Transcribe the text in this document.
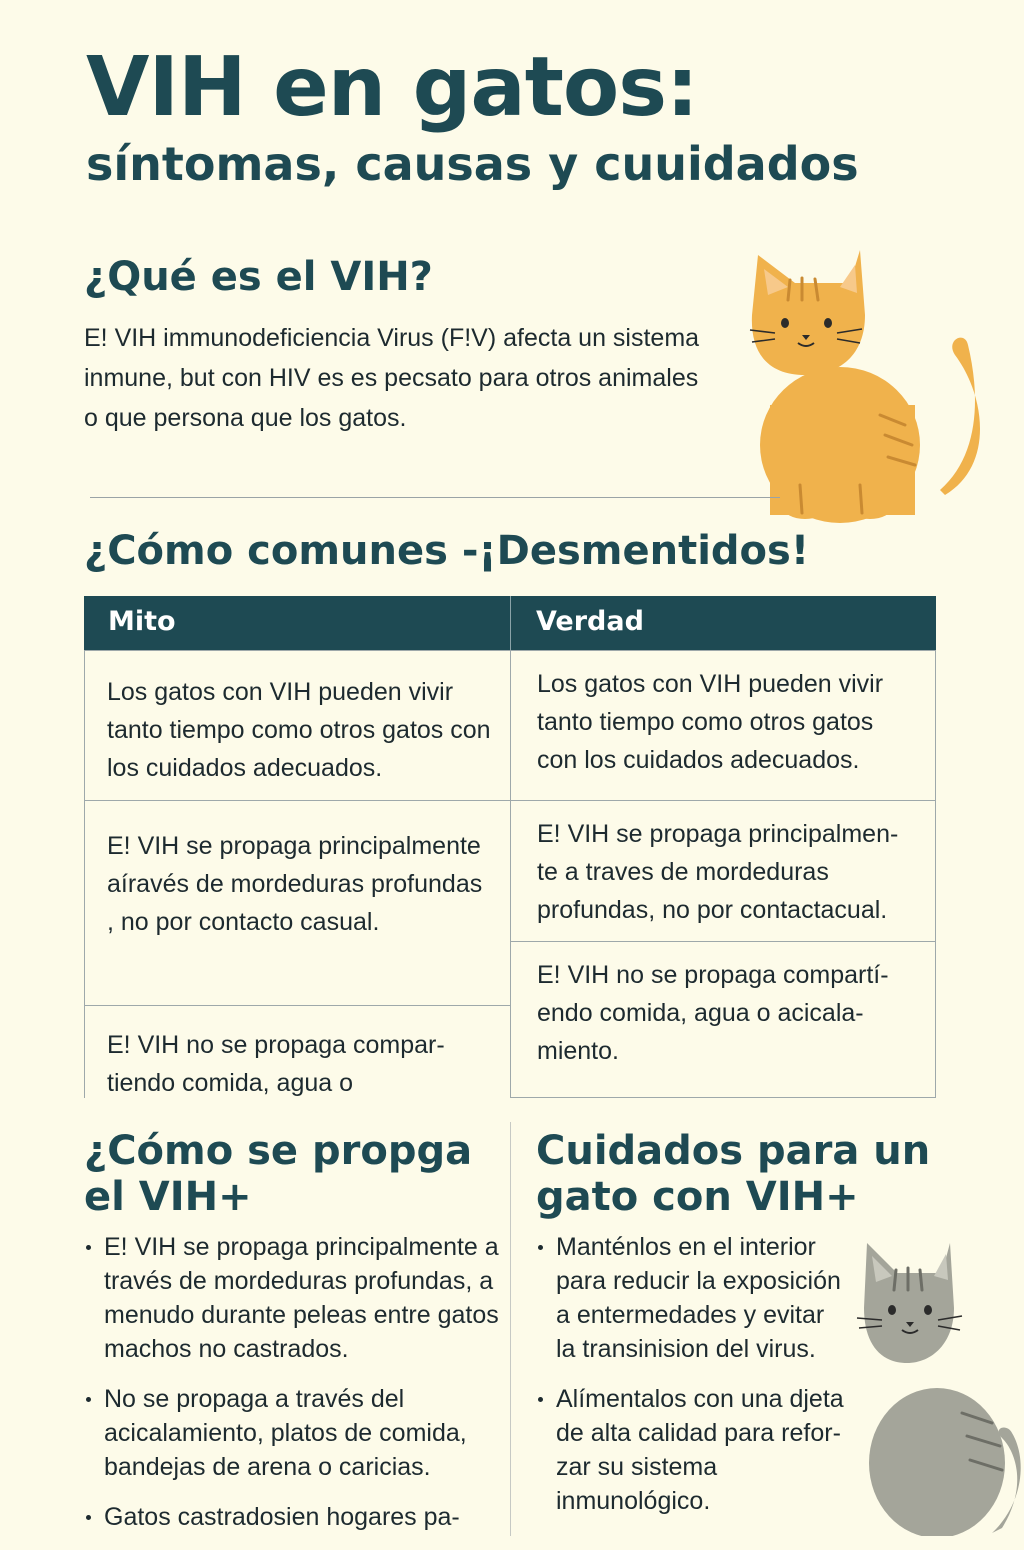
VIH en gatos:
síntomas, causas y cuuidados
¿Qué es el VIH?
E! VIH immunodeficiencia Virus (F!V) afecta un sistema inmune, but con HIV es es pecsato para otros animales o que persona que los gatos.
¿Cómo comunes -¡Desmentidos!
Mito	Verdad

Los gatos con VIH pueden vivir tanto tiempo como otros gatos con los cuidados adecuados.

E! VIH se propaga principalmente aíravés de mordeduras profundas , no por contacto casual.

E! VIH no se propaga compar- tiendo comida, agua o

Los gatos con VIH pueden vivir tanto tiempo como otros gatos con los cuidados adecuados.

E! VIH se propaga principalmen- te a traves de mordeduras profundas, no por contactacual.

E! VIH no se propaga compartí- endo comida, agua o acicala- miento.

¿Cómo se propga el VIH+
E! VIH se propaga principalmente a través de mordeduras profundas, a menudo durante peleas entre gatos machos no castrados.
No se propaga a través del acicalamiento, platos de comida, bandejas de arena o caricias.
Gatos castradosien hogares pa-
Cuidados para un gato con VIH+
Manténlos en el interior para reducir la exposición a entermedades y evitar la transinision del virus.
Alímentalos con una djeta de alta calidad para refor- zar su sistema inmunológico.
